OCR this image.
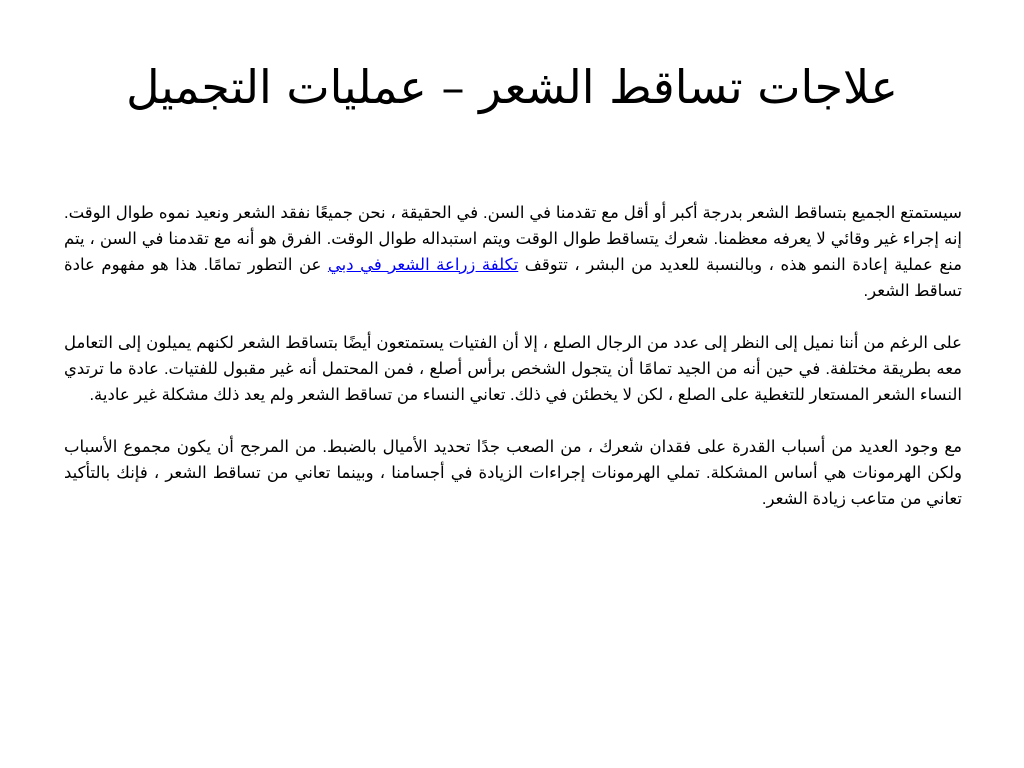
علاجات تساقط الشعر – عمليات التجميل

سيستمتع الجميع بتساقط الشعر بدرجة أكبر أو أقل مع تقدمنا في السن. في الحقيقة ، نحن جميعًا نفقد الشعر ونعيد نموه طوال الوقت. إنه إجراء غير وقائي لا يعرفه معظمنا. شعرك يتساقط طوال الوقت ويتم استبداله طوال الوقت. الفرق هو أنه مع تقدمنا في السن ، يتم منع عملية إعادة النمو هذه ، وبالنسبة للعديد من البشر ، تتوقف تكلفة زراعة الشعر في دبي عن التطور تمامًا. هذا هو مفهوم عادة تساقط الشعر.

على الرغم من أننا نميل إلى النظر إلى عدد من الرجال الصلع ، إلا أن الفتيات يستمتعون أيضًا بتساقط الشعر لكنهم يميلون إلى التعامل معه بطريقة مختلفة. في حين أنه من الجيد تمامًا أن يتجول الشخص برأس أصلع ، فمن المحتمل أنه غير مقبول للفتيات. عادة ما ترتدي النساء الشعر المستعار للتغطية على الصلع ، لكن لا يخطئن في ذلك. تعاني النساء من تساقط الشعر ولم يعد ذلك مشكلة غير عادية.

مع وجود العديد من أسباب القدرة على فقدان شعرك ، من الصعب جدًا تحديد الأميال بالضبط. من المرجح أن يكون مجموع الأسباب ولكن الهرمونات هي أساس المشكلة. تملي الهرمونات إجراءات الزيادة في أجسامنا ، وبينما تعاني من تساقط الشعر ، فإنك بالتأكيد تعاني من متاعب زيادة الشعر.
